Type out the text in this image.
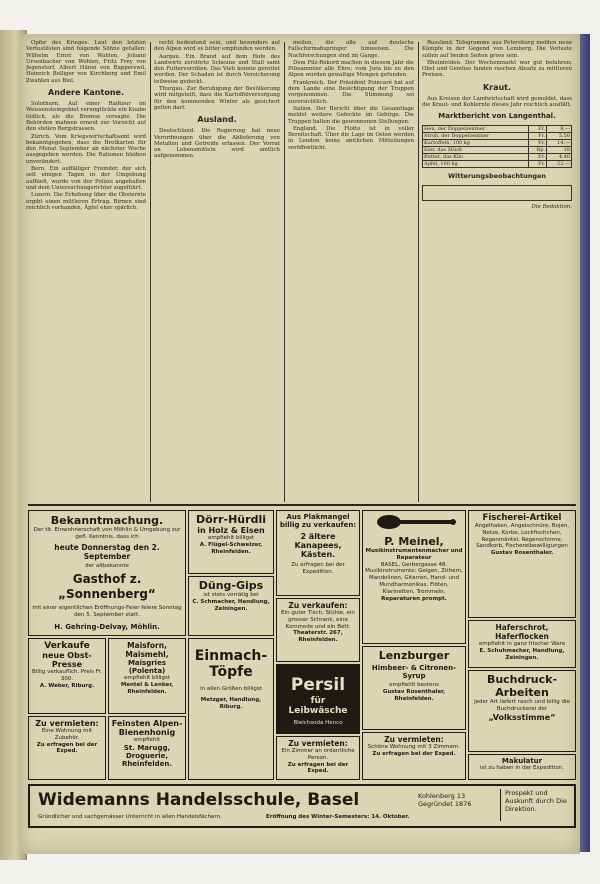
Opfer des Krieges. Laut den letzten Verlustlisten sind folgende Söhne gefallen: Wilhelm Ernst von Wahlen, Johann Ursenbacher von Wohlen, Fritz Frey von Jegenstorf, Albert Hänni von Rapperswil, Heinrich Bolliger von Kirchberg und Emil Zwahlen aus Biel.

Andere Kantone.

Solothurn. Auf einer Radtour im Weissensteingebiet verunglückte ein Knabe tödlich, als die Bremse versagte. Die Behörden mahnen erneut zur Vorsicht auf den steilen Bergstrassen.

Zürich. Vom Kriegswirtschaftsamt wird bekanntgegeben, dass die Brotkarten für den Monat September ab nächster Woche ausgegeben werden. Die Rationen bleiben unverändert.

Bern. Ein auffälliger Fremder, der sich seit einigen Tagen in der Umgebung aufhielt, wurde von der Polizei angehalten und dem Untersuchungsrichter zugeführt.

Luzern. Die Erhebung über die Obsternte ergibt einen mittleren Ertrag. Birnen sind reichlich vorhanden, Äpfel eher spärlich.

recht bedeutend sein, und besonders auf den Alpen wird es bitter empfunden werden.

Aargau. Ein Brand auf dem Hofe des Landwirts zerstörte Scheune und Stall samt den Futtervorräten. Das Vieh konnte gerettet werden. Der Schaden ist durch Versicherung teilweise gedeckt.

Thurgau. Zur Beruhigung der Bevölkerung wird mitgeteilt, dass die Kartoffelversorgung für den kommenden Winter als gesichert gelten darf.

Ausland.

Deutschland. Die Regierung hat neue Verordnungen über die Ablieferung von Metallen und Getreide erlassen. Der Vorrat an Lebensmitteln wird amtlich aufgenommen.

meilen, die alle auf deutsche Fallschirmabspringer hinweisen. Die Nachforschungen sind im Gange.

Dem Pilz-Rekord machen in diesem Jahr die Pilzsammler alle Ehre; vom Jura bis zu den Alpen wurden gewaltige Mengen gefunden.

Frankreich. Der Präsident Poincaré hat auf dem Lande eine Besichtigung der Truppen vorgenommen. Die Stimmung sei zuversichtlich.

Italien. Der Bericht über die Gesamtlage meldet weitere Gefechte im Gebirge. Die Truppen halten die gewonnenen Stellungen.

England. Die Flotte ist in voller Bereitschaft. Über die Lage im Osten werden in London keine amtlichen Mitteilungen veröffentlicht.

Russland. Telegramme aus Petersburg melden neue Kämpfe in der Gegend von Lemberg. Die Verluste sollen auf beiden Seiten gross sein.

Rheinfelden. Der Wochenmarkt war gut befahren; Obst und Gemüse fanden raschen Absatz zu mittleren Preisen.

Kraut.

Aus Kreisen der Landwirtschaft wird gemeldet, dass die Kraut- und Kohlernte dieses Jahr reichlich ausfällt.

Marktbericht von Langenthal.
Heu, der Doppelzentner	Fr.	8.—
Stroh, der Doppelzentner	Fr.	5.50
Kartoffeln, 100 kg	Fr.	14.—
Eier, das Stück	Rp.	18
Butter, das Kilo	Fr.	4.40
Äpfel, 100 kg	Fr.	22.—
Witterungsbeobachtungen
Die Redaktion.
Bekanntmachung.
Der tit. Einwohnerschaft von Möhlin & Umgebung zur gefl. Kenntnis, dass ich
heute Donnerstag den 2. September
der altbekannte
Gasthof z. „Sonnenberg“
mit einer eigentlichen Eröffnungs-Feier feiere Sonntag den 5. September statt.
H. Gehring-Delvay, Möhlin.
Dörr-Hürdli
in Holz & Eisen
empfiehlt billigst
A. Flügel-Schweizer, Rheinfelden.
Düng-Gips
ist stets vorrätig bei
C. Schmacher, Handlung, Zeiningen.
Verkaufe
neue Obst-Presse
Billig verkauflich. Preis Fr. 300.
A. Weber, Riburg.
Maisforn, Maismehl,
Maisgries (Polenta)
empfiehlt billigst
Mentel & Lenker, Rheinfelden.
Zu vermieten:
Eine Wohnung mit Zubehör.
Zu erfragen bei der Exped.
Feinsten Alpen-Bienenhonig
empfiehlt
St. Marugg, Droguerie, Rheinfelden.
Einmach-
Töpfe
in allen Größen billigst
Metzger, Handlung, Riburg.
Aus Plakmangel billig zu verkaufen:
2 ältere Kanapees, Kästen.
Zu erfragen bei der Expedition.
Zu verkaufen:
Ein guter Tisch, Stühle, ein grosser Schrank, eine Kommode und ein Bett.
Theaterstr. 267, Rheinfelden.
Persil
für Leibwäsche
Bleichsoda Henco
Zu vermieten:
Ein Zimmer an ordentliche Person.
Zu erfragen bei der Exped.
P. Meinel,
Musikinstrumentenmacher und Reparateur
BASEL, Gerbergasse 48. Musikinstrumente: Geigen, Zithern, Mandolinen, Gitarren, Hand- und Mundharmonikas, Flöten, Klarinetten, Trommeln.
Reparaturen prompt.
Lenzburger
Himbeer- & Citronen-Syrup
empfiehlt bestens
Gustav Rosenthaler, Rheinfelden.
Zu vermieten:
Schöne Wohnung mit 3 Zimmern.
Zu erfragen bei der Exped.
Fischerei-Artikel
Angelhaken, Angelschnüre, Bojen, Netze, Korbe, Lockfischchen, Regenmäntel, Regenschirme, Sandkorb, Fischereibewilligungen
Gustav Rosenthaler.
Haferschrot, Haferflocken
empfiehlt in ganz frischer Ware
E. Schuhmacher, Handlung, Zeiningen.
Buchdruck-Arbeiten
jeder Art liefert rasch und billig die Buchdruckerei der
„Volksstimme“
Makulatur
ist zu haben in der Expedition.
Widemanns Handelsschule, Basel
Gründlicher und sachgemässer Unterricht in allen Handelsfächern.	Eröffnung des Winter-Semesters: 14. Oktober.
Kohlenberg 13 Gegründet 1876
Prospekt und Auskunft durch Die Direktion.
